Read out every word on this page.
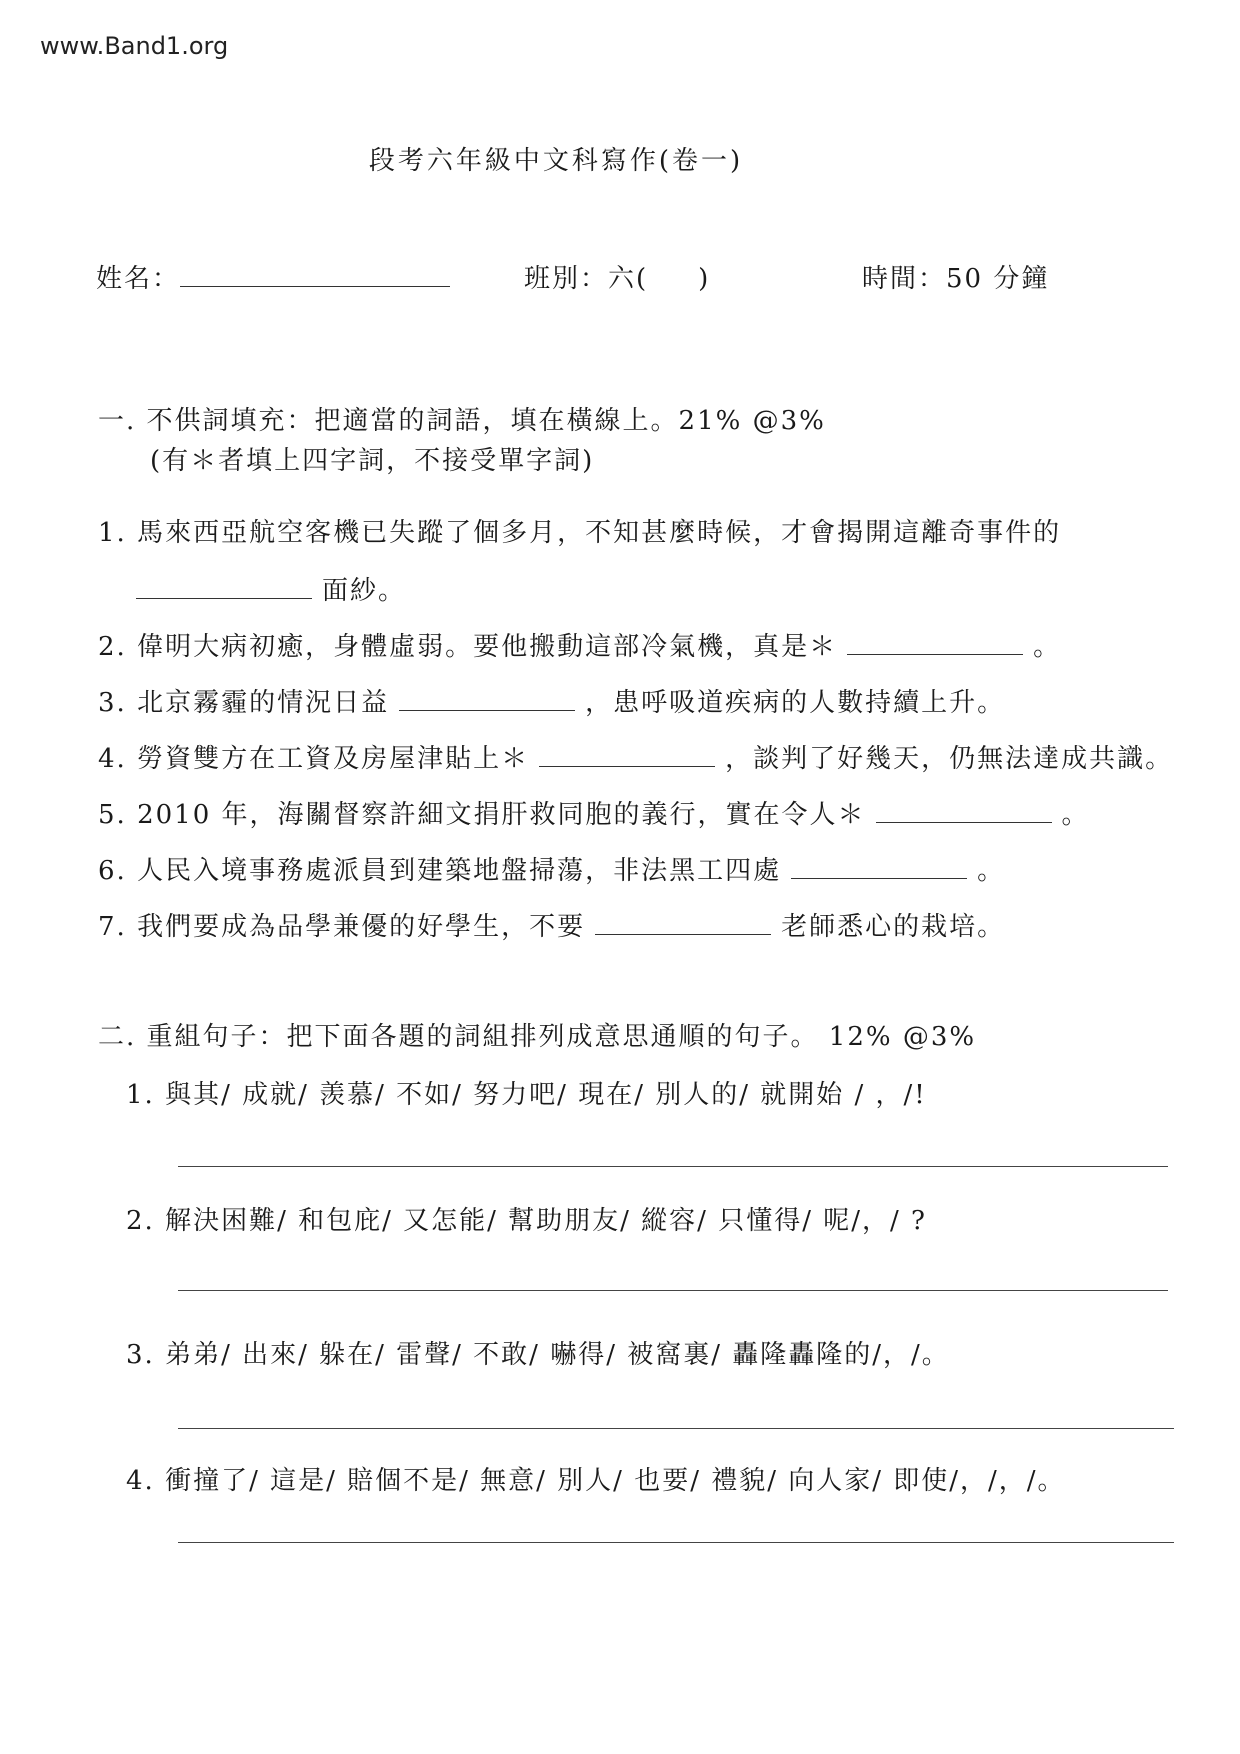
www.Band1.org
段考六年級中文科寫作(卷一)
姓名：	班別：六( )	時間：50 分鐘
一. 不供詞填充：把適當的詞語，填在橫線上。21% @3%
(有＊者填上四字詞，不接受單字詞)
1. 馬來西亞航空客機已失蹤了個多月，不知甚麼時候，才會揭開這離奇事件的
面紗。
2. 偉明大病初癒，身體虛弱。要他搬動這部冷氣機，真是＊	。
3. 北京霧霾的情況日益	，患呼吸道疾病的人數持續上升。
4. 勞資雙方在工資及房屋津貼上＊	，談判了好幾天，仍無法達成共識。
5. 2010 年，海關督察許細文捐肝救同胞的義行，實在令人＊	。
6. 人民入境事務處派員到建築地盤掃蕩，非法黑工四處	。
7. 我們要成為品學兼優的好學生，不要	老師悉心的栽培。
二. 重組句子：把下面各題的詞組排列成意思通順的句子。 12% @3%
1. 與其/ 成就/ 羡慕/ 不如/ 努力吧/ 現在/ 別人的/ 就開始 / ，/!
2. 解決困難/ 和包庇/ 又怎能/ 幫助朋友/ 縱容/ 只懂得/ 呢/，/ ?
3. 弟弟/ 出來/ 躲在/ 雷聲/ 不敢/ 嚇得/ 被窩裏/ 轟隆轟隆的/，/。
4. 衝撞了/ 這是/ 賠個不是/ 無意/ 別人/ 也要/ 禮貌/ 向人家/ 即使/，/，/。
